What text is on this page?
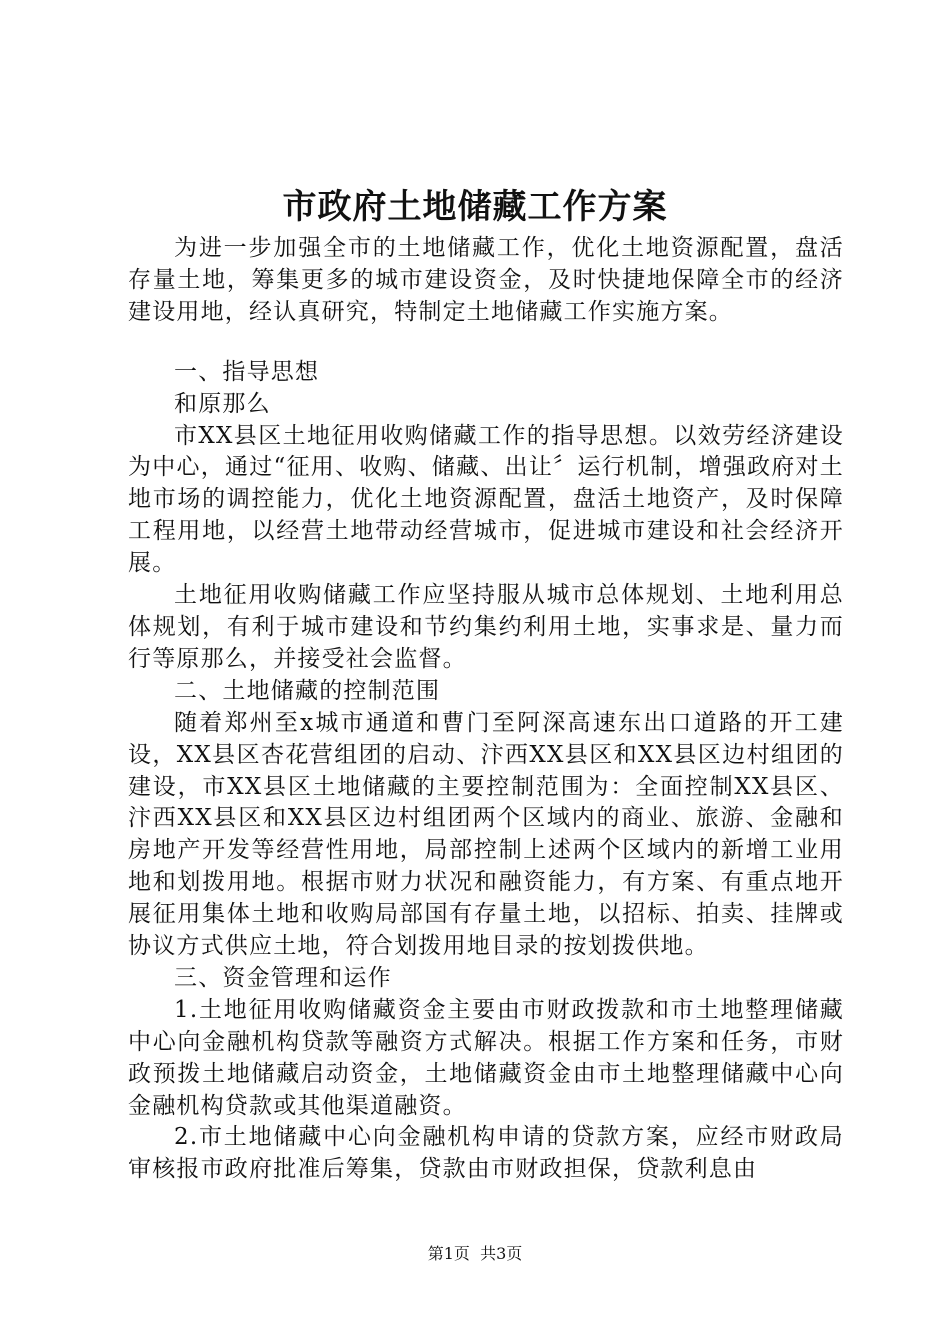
市政府土地储藏工作方案

为进一步加强全市的土地储藏工作，优化土地资源配置，盘活存量土地，筹集更多的城市建设资金，及时快捷地保障全市的经济建设用地，经认真研究，特制定土地储藏工作实施方案。

一、指导思想

和原那么

市XX县区土地征用收购储藏工作的指导思想。以效劳经济建设为中心，通过“征用、收购、储藏、出让〞运行机制，增强政府对土地市场的调控能力，优化土地资源配置，盘活土地资产，及时保障工程用地，以经营土地带动经营城市，促进城市建设和社会经济开展。

土地征用收购储藏工作应坚持服从城市总体规划、土地利用总体规划，有利于城市建设和节约集约利用土地，实事求是、量力而行等原那么，并接受社会监督。

二、土地储藏的控制范围

随着郑州至x城市通道和曹门至阿深高速东出口道路的开工建设，XX县区杏花营组团的启动、汴西XX县区和XX县区边村组团的建设，市XX县区土地储藏的主要控制范围为：全面控制XX县区、汴西XX县区和XX县区边村组团两个区域内的商业、旅游、金融和房地产开发等经营性用地，局部控制上述两个区域内的新增工业用地和划拨用地。根据市财力状况和融资能力，有方案、有重点地开展征用集体土地和收购局部国有存量土地，以招标、拍卖、挂牌或协议方式供应土地，符合划拨用地目录的按划拨供地。

三、资金管理和运作

1.土地征用收购储藏资金主要由市财政拨款和市土地整理储藏中心向金融机构贷款等融资方式解决。根据工作方案和任务，市财政预拨土地储藏启动资金，土地储藏资金由市土地整理储藏中心向金融机构贷款或其他渠道融资。

2.市土地储藏中心向金融机构申请的贷款方案，应经市财政局审核报市政府批准后筹集，贷款由市财政担保，贷款利息由

第1页 共3页
